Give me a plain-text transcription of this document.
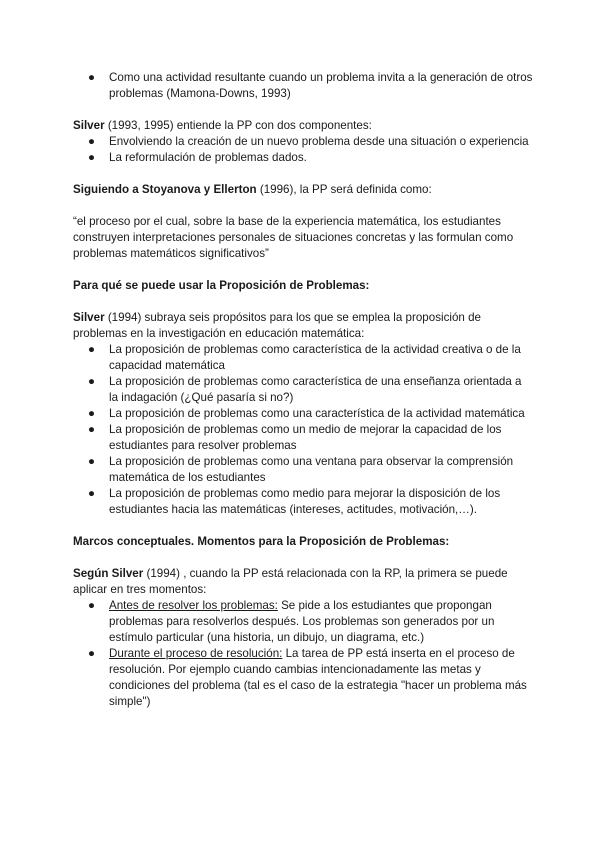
● Como una actividad resultante cuando un problema invita a la generación de otros problemas (Mamona-Downs, 1993)

Silver (1993, 1995) entiende la PP con dos componentes:

● Envolviendo la creación de un nuevo problema desde una situación o experiencia
● La reformulación de problemas dados.

Siguiendo a Stoyanova y Ellerton (1996), la PP será definida como:

“el proceso por el cual, sobre la base de la experiencia matemática, los estudiantes construyen interpretaciones personales de situaciones concretas y las formulan como problemas matemáticos significativos”

Para qué se puede usar la Proposición de Problemas:

Silver (1994) subraya seis propósitos para los que se emplea la proposición de problemas en la investigación en educación matemática:

● La proposición de problemas como característica de la actividad creativa o de la capacidad matemática
● La proposición de problemas como característica de una enseñanza orientada a la indagación (¿Qué pasaría si no?)
● La proposición de problemas como una característica de la actividad matemática
● La proposición de problemas como un medio de mejorar la capacidad de los estudiantes para resolver problemas
● La proposición de problemas como una ventana para observar la comprensión matemática de los estudiantes
● La proposición de problemas como medio para mejorar la disposición de los estudiantes hacia las matemáticas (intereses, actitudes, motivación,…).

Marcos conceptuales. Momentos para la Proposición de Problemas:

Según Silver (1994) , cuando la PP está relacionada con la RP, la primera se puede aplicar en tres momentos:

● Antes de resolver los problemas: Se pide a los estudiantes que propongan problemas para resolverlos después. Los problemas son generados por un estímulo particular (una historia, un dibujo, un diagrama, etc.)
● Durante el proceso de resolución: La tarea de PP está inserta en el proceso de resolución. Por ejemplo cuando cambias intencionadamente las metas y condiciones del problema (tal es el caso de la estrategia "hacer un problema más simple")
